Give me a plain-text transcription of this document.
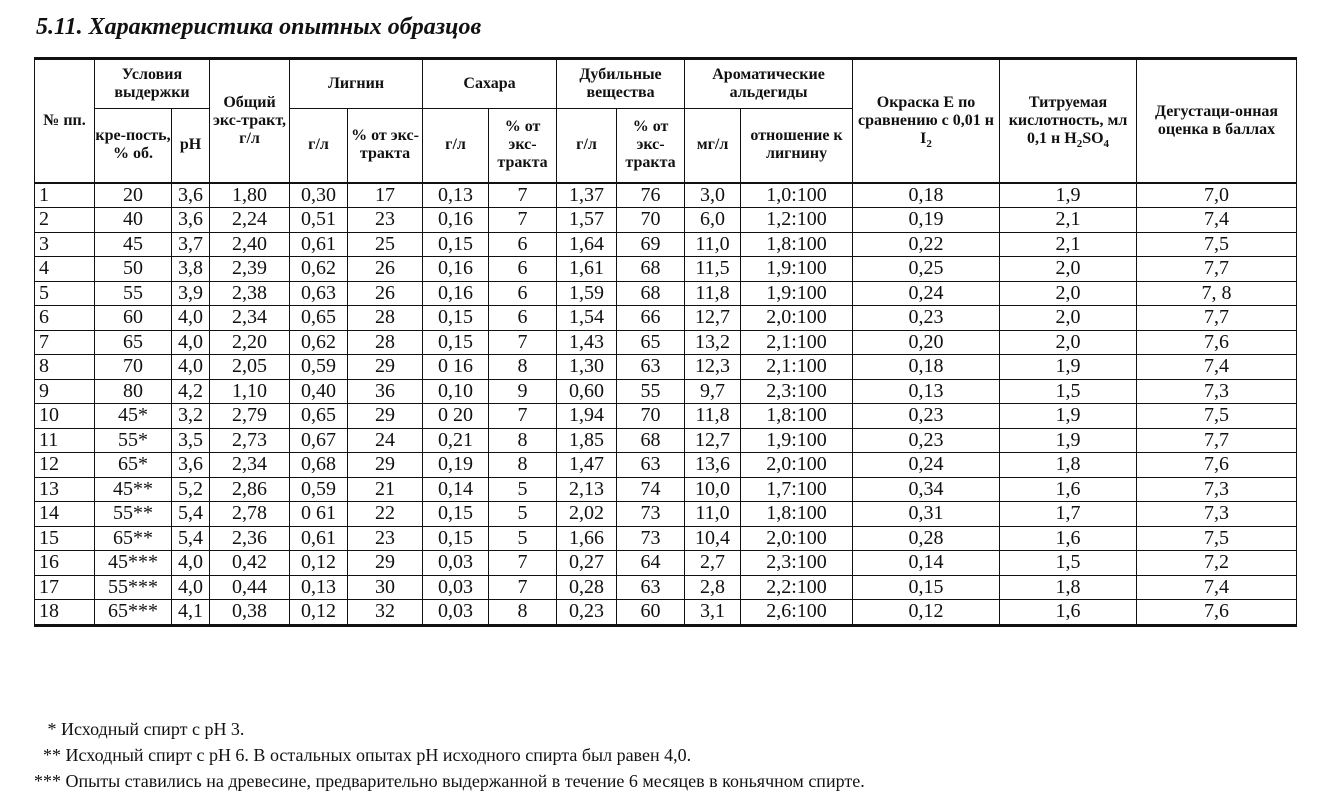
5.11. Характеристика опытных образцов
№ пп.	Условия выдержки		Общий экс-тракт, г/л	Лигнин		Сахара		Дубильные вещества		Ароматические альдегиды		Окраска Е по сравнению с 0,01 н $I_2$	Титруемая кислотность, мл 0,1 н $H_2SO_4$	Дегустаци-онная оценка в баллах
	кре-пость, % об.	pH		г/л	% от экс-тракта	г/л	% от экс-тракта	г/л	% от экс-тракта	мг/л	отношение к лигнину			
1	20	3,6	1,80	0,30	17	0,13	7	1,37	76	3,0	1,0:100	0,18	1,9	7,0
2	40	3,6	2,24	0,51	23	0,16	7	1,57	70	6,0	1,2:100	0,19	2,1	7,4
3	45	3,7	2,40	0,61	25	0,15	6	1,64	69	11,0	1,8:100	0,22	2,1	7,5
4	50	3,8	2,39	0,62	26	0,16	6	1,61	68	11,5	1,9:100	0,25	2,0	7,7
5	55	3,9	2,38	0,63	26	0,16	6	1,59	68	11,8	1,9:100	0,24	2,0	7, 8
6	60	4,0	2,34	0,65	28	0,15	6	1,54	66	12,7	2,0:100	0,23	2,0	7,7
7	65	4,0	2,20	0,62	28	0,15	7	1,43	65	13,2	2,1:100	0,20	2,0	7,6
8	70	4,0	2,05	0,59	29	0 16	8	1,30	63	12,3	2,1:100	0,18	1,9	7,4
9	80	4,2	1,10	0,40	36	0,10	9	0,60	55	9,7	2,3:100	0,13	1,5	7,3
10	45*	3,2	2,79	0,65	29	0 20	7	1,94	70	11,8	1,8:100	0,23	1,9	7,5
11	55*	3,5	2,73	0,67	24	0,21	8	1,85	68	12,7	1,9:100	0,23	1,9	7,7
12	65*	3,6	2,34	0,68	29	0,19	8	1,47	63	13,6	2,0:100	0,24	1,8	7,6
13	45**	5,2	2,86	0,59	21	0,14	5	2,13	74	10,0	1,7:100	0,34	1,6	7,3
14	55**	5,4	2,78	0 61	22	0,15	5	2,02	73	11,0	1,8:100	0,31	1,7	7,3
15	65**	5,4	2,36	0,61	23	0,15	5	1,66	73	10,4	2,0:100	0,28	1,6	7,5
16	45***	4,0	0,42	0,12	29	0,03	7	0,27	64	2,7	2,3:100	0,14	1,5	7,2
17	55***	4,0	0,44	0,13	30	0,03	7	0,28	63	2,8	2,2:100	0,15	1,8	7,4
18	65***	4,1	0,38	0,12	32	0,03	8	0,23	60	3,1	2,6:100	0,12	1,6	7,6
* Исходный спирт с pH 3.
** Исходный спирт с pH 6. В остальных опытах pH исходного спирта был равен 4,0.
*** Опыты ставились на древесине, предварительно выдержанной в течение 6 месяцев в коньячном спирте.
